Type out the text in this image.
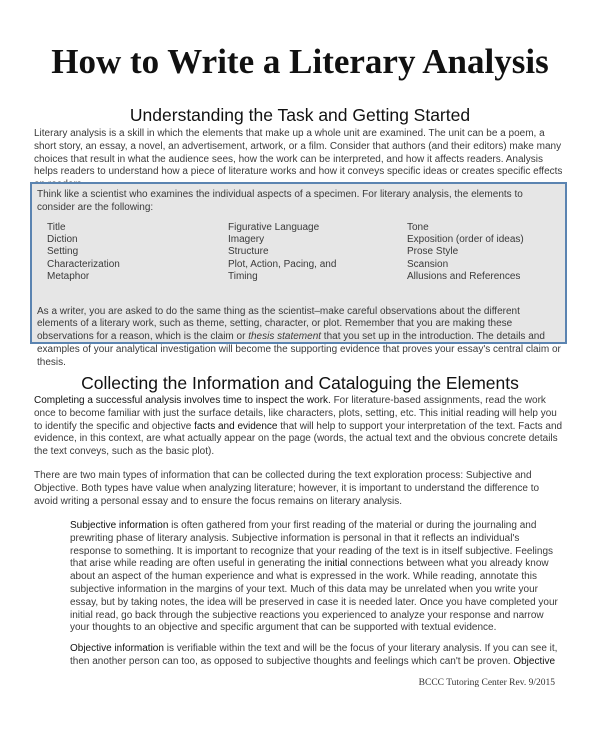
How to Write a Literary Analysis
Understanding the Task and Getting Started

Literary analysis is a skill in which the elements that make up a whole unit are examined. The unit can be a poem, a short story, an essay, a novel, an advertisement, artwork, or a film. Consider that authors (and their editors) make many choices that result in what the audience sees, how the work can be interpreted, and how it affects readers. Analysis helps readers to understand how a piece of literature works and how it conveys specific ideas or creates specific effects

Think like a scientist who examines the individual aspects of a specimen. For literary analysis, the elements to consider are the following:

Title
Diction
Setting
Characterization
Metaphor
Figurative Language
Imagery
Structure
Plot, Action, Pacing, and
Timing
Tone
Exposition (order of ideas)
Prose Style
Scansion
Allusions and References

As a writer, you are asked to do the same thing as the scientist–make careful observations about the different elements of a literary work, such as theme, setting, character, or plot. Remember that you are making these observations for a reason, which is the claim or thesis statement that you set up in the introduction. The details and examples of your analytical investigation will become the supporting evidence that proves your essay's central claim or thesis.

Collecting the Information and Cataloguing the Elements

Completing a successful analysis involves time to inspect the work. For literature-based assignments, read the work once to become familiar with just the surface details, like characters, plots, setting, etc. This initial reading will help you to identify the specific and objective facts and evidence that will help to support your interpretation of the text. Facts and evidence, in this context, are what actually appear on the page (words, the actual text and the obvious concrete details the text conveys, such as the basic plot).

There are two main types of information that can be collected during the text exploration process: Subjective and Objective. Both types have value when analyzing literature; however, it is important to understand the difference to avoid writing a personal essay and to ensure the focus remains on literary analysis.

Subjective information is often gathered from your first reading of the material or during the journaling and prewriting phase of literary analysis. Subjective information is personal in that it reflects an individual's response to something. It is important to recognize that your reading of the text is in itself subjective. Feelings that arise while reading are often useful in generating the initial connections between what you already know about an aspect of the human experience and what is expressed in the work. While reading, annotate this subjective information in the margins of your text. Much of this data may be unrelated when you write your essay, but by taking notes, the idea will be preserved in case it is needed later. Once you have completed your initial read, go back through the subjective reactions you experienced to analyze your response and narrow your thoughts to an objective and specific argument that can be supported with textual evidence.

Objective information is verifiable within the text and will be the focus of your literary analysis. If you can see it, then another person can too, as opposed to subjective thoughts and feelings which can't be proven. Objective

BCCC Tutoring Center Rev. 9/2015
